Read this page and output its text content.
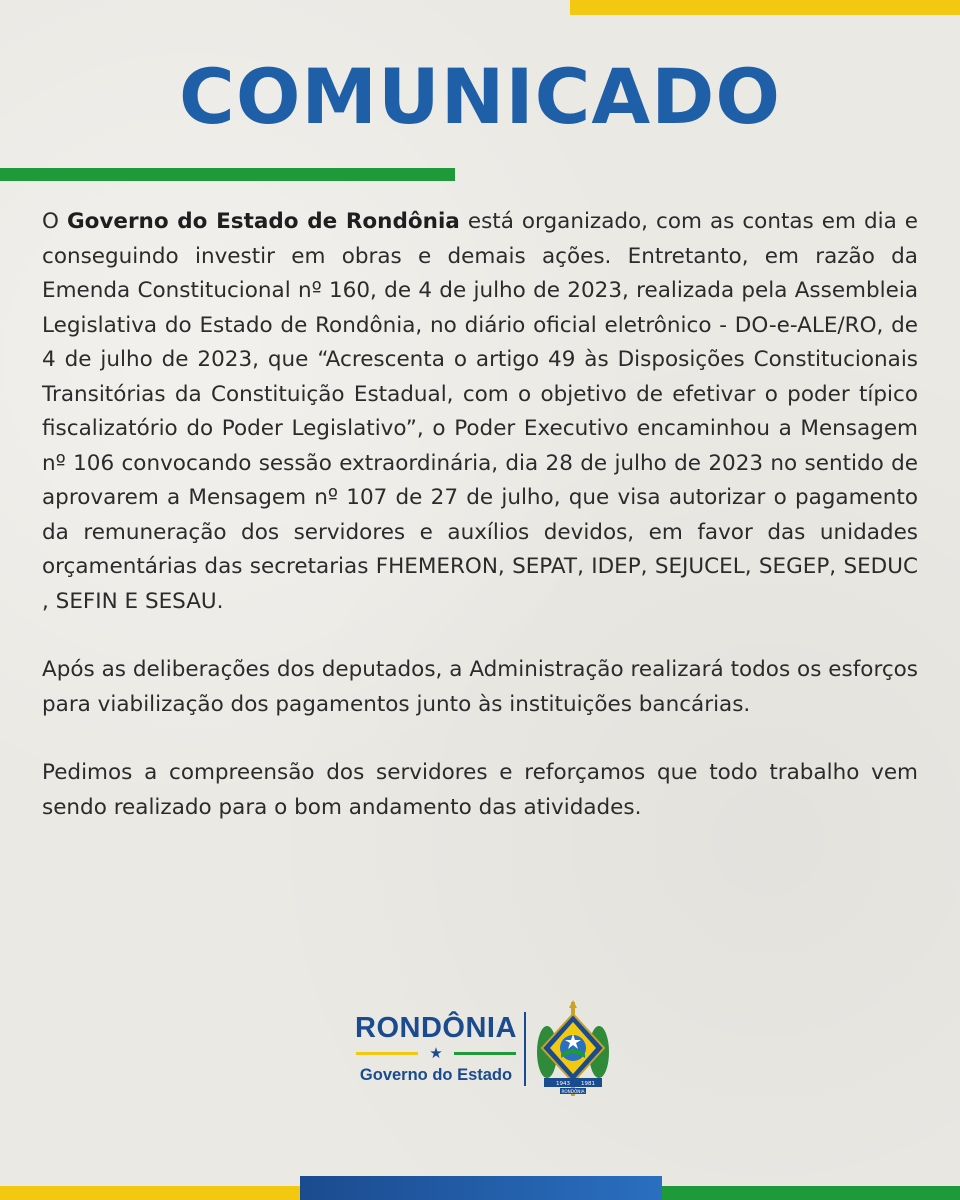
COMUNICADO

O Governo do Estado de Rondônia está organizado, com as contas em dia e conseguindo investir em obras e demais ações. Entretanto, em razão da Emenda Constitucional nº 160, de 4 de julho de 2023, realizada pela Assembleia Legislativa do Estado de Rondônia, no diário oficial eletrônico - DO-e-ALE/RO, de 4 de julho de 2023, que “Acrescenta o artigo 49 às Disposições Constitucionais Transitórias da Constituição Estadual, com o objetivo de efetivar o poder típico fiscalizatório do Poder Legislativo”, o Poder Executivo encaminhou a Mensagem nº 106 convocando sessão extraordinária, dia 28 de julho de 2023 no sentido de aprovarem a Mensagem nº 107 de 27 de julho, que visa autorizar o pagamento da remuneração dos servidores e auxílios devidos, em favor das unidades orçamentárias das secretarias FHEMERON, SEPAT, IDEP, SEJUCEL, SEGEP, SEDUC , SEFIN E SESAU.

Após as deliberações dos deputados, a Administração realizará todos os esforços para viabilização dos pagamentos junto às instituições bancárias.

Pedimos a compreensão dos servidores e reforçamos que todo trabalho vem sendo realizado para o bom andamento das atividades.

RONDÔNIA
★
Governo do Estado	1943 1981
RONDÔNIA
